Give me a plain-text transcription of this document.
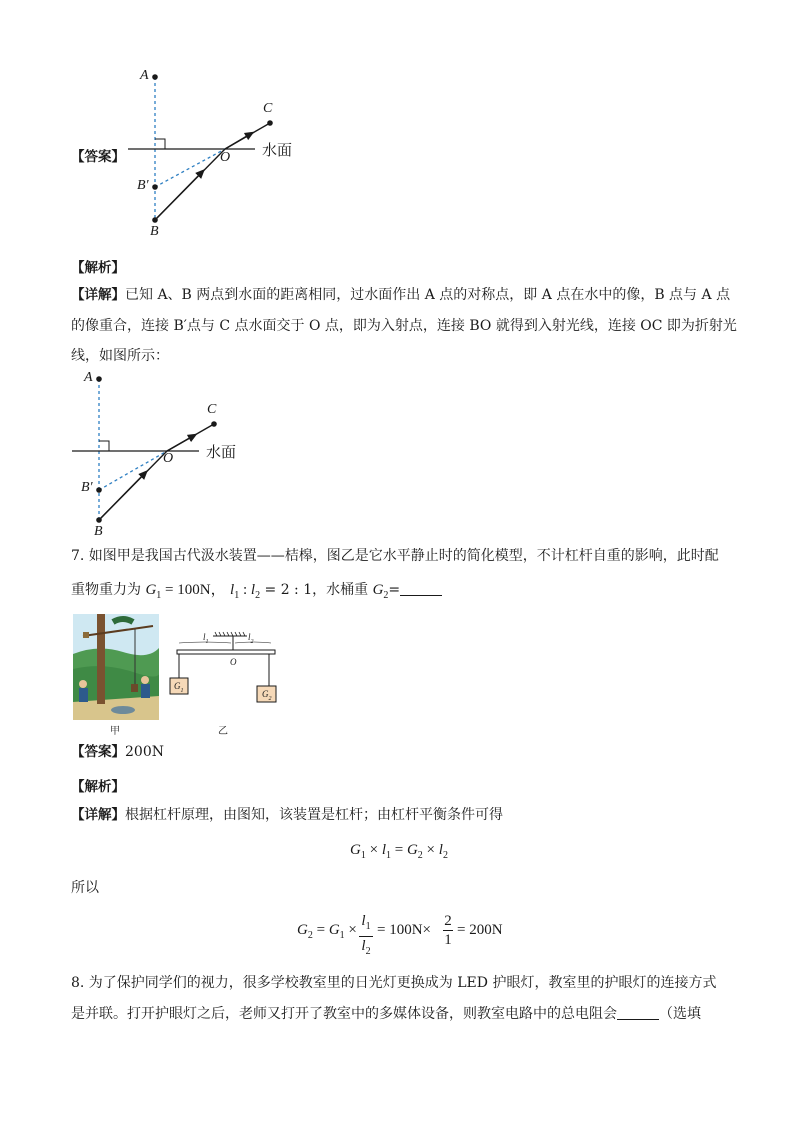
A
C
O 水面
B′
B
【答案】
【解析】
【详解】已知 A、B 两点到水面的距离相同，过水面作出 A 点的对称点，即 A 点在水中的像，B 点与 A 点
的像重合，连接 B′点与 C 点水面交于 O 点，即为入射点，连接 BO 就得到入射光线，连接 OC 即为折射光
线，如图所示：
A
C
O 水面
B′
B
7. 如图甲是我国古代汲水装置——桔槔，图乙是它水平静止时的简化模型，不计杠杆自重的影响，此时配
重物重力为 $G_1 = 100N$， $l_1$ : $l_2 = 2$ : 1，水桶重 $G_2=$
甲
$l_1$	$l_2$
O
$G_1$	$G_2$
乙
【答案】200N
【解析】
【详解】根据杠杆原理，由图知，该装置是杠杆；由杠杆平衡条件可得
$G_1 \times l_1 = G_2 \times l_2$
所以
$G_2 = G_1 \times \frac{l_1}{l_2} = 100N\times \frac{2}{1} = 200N$
8. 为了保护同学们的视力，很多学校教室里的日光灯更换成为 LED 护眼灯，教室里的护眼灯的连接方式
是并联。打开护眼灯之后，老师又打开了教室中的多媒体设备，则教室电路中的总电阻会	（选填
